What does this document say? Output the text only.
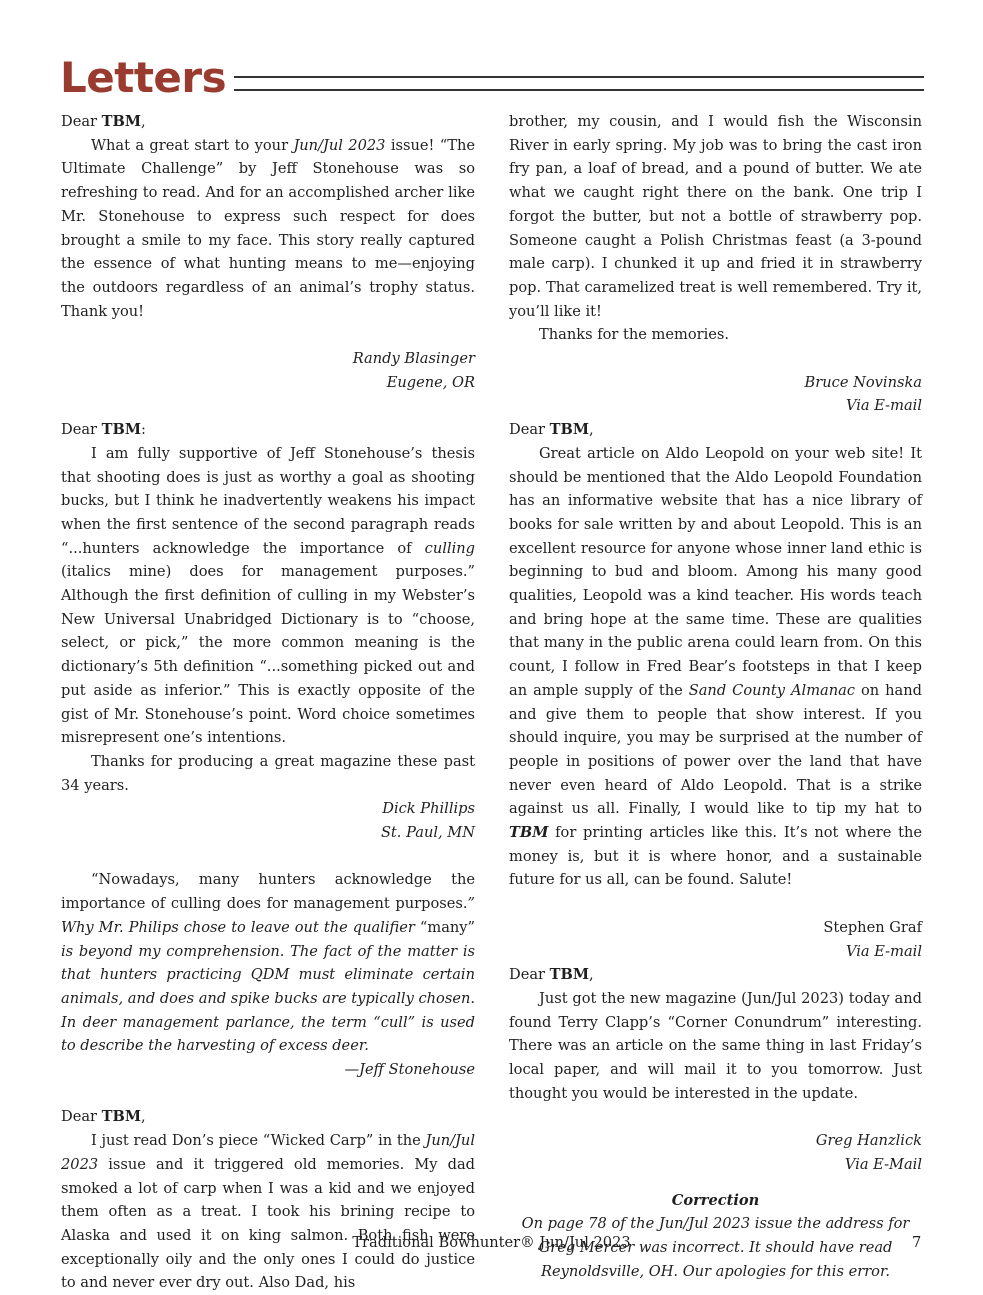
Letters

Dear TBM,

What a great start to your Jun/Jul 2023 issue! “The Ultimate Challenge” by Jeff Stonehouse was so refreshing to read. And for an accomplished archer like Mr. Stonehouse to express such respect for does brought a smile to my face. This story really captured the essence of what hunting means to me—enjoying the outdoors regardless of an animal’s trophy status. Thank you!

Randy Blasinger

Eugene, OR

Dear TBM:

I am fully supportive of Jeff Stonehouse’s thesis that shooting does is just as worthy a goal as shooting bucks, but I think he inadvertently weakens his impact when the first sentence of the second paragraph reads “...hunters acknowledge the importance of culling (italics mine) does for management purposes.” Although the first definition of culling in my Webster’s New Universal Unabridged Dictionary is to “choose, select, or pick,” the more common meaning is the dictionary’s 5th definition “...something picked out and put aside as inferior.” This is exactly opposite of the gist of Mr. Stonehouse’s point. Word choice sometimes misrepresent one’s intentions.

Thanks for producing a great magazine these past 34 years.

Dick Phillips

St. Paul, MN

“Nowadays, many hunters acknowledge the importance of culling does for management purposes.” Why Mr. Philips chose to leave out the qualifier “many” is beyond my comprehension. The fact of the matter is that hunters practicing QDM must eliminate certain animals, and does and spike bucks are typically chosen. In deer management parlance, the term “cull” is used to describe the harvesting of excess deer.

—Jeff Stonehouse

Dear TBM,

I just read Don’s piece “Wicked Carp” in the Jun/Jul 2023 issue and it triggered old memories. My dad smoked a lot of carp when I was a kid and we enjoyed them often as a treat. I took his brining recipe to Alaska and used it on king salmon. Both fish were exceptionally oily and the only ones I could do justice to and never ever dry out. Also Dad, his

brother, my cousin, and I would fish the Wisconsin River in early spring. My job was to bring the cast iron fry pan, a loaf of bread, and a pound of butter. We ate what we caught right there on the bank. One trip I forgot the butter, but not a bottle of strawberry pop. Someone caught a Polish Christmas feast (a 3-pound male carp). I chunked it up and fried it in strawberry pop. That caramelized treat is well remembered. Try it, you’ll like it!

Thanks for the memories.

Bruce Novinska

Via E-mail

Dear TBM,

Great article on Aldo Leopold on your web site! It should be mentioned that the Aldo Leopold Foundation has an informative website that has a nice library of books for sale written by and about Leopold. This is an excellent resource for anyone whose inner land ethic is beginning to bud and bloom. Among his many good qualities, Leopold was a kind teacher. His words teach and bring hope at the same time. These are qualities that many in the public arena could learn from. On this count, I follow in Fred Bear’s footsteps in that I keep an ample supply of the Sand County Almanac on hand and give them to people that show interest. If you should inquire, you may be surprised at the number of people in positions of power over the land that have never even heard of Aldo Leopold. That is a strike against us all. Finally, I would like to tip my hat to TBM for printing articles like this. It’s not where the money is, but it is where honor, and a sustainable future for us all, can be found. Salute!

Stephen Graf

Via E-mail

Dear TBM,

Just got the new magazine (Jun/Jul 2023) today and found Terry Clapp’s “Corner Conundrum” interesting. There was an article on the same thing in last Friday’s local paper, and will mail it to you tomorrow. Just thought you would be interested in the update.

Greg Hanzlick

Via E-Mail

Correction

On page 78 of the Jun/Jul 2023 issue the address for Greg Mercer was incorrect. It should have read Reynoldsville, OH. Our apologies for this error.

Traditional Bowhunter® Jun/Jul 2023	7
